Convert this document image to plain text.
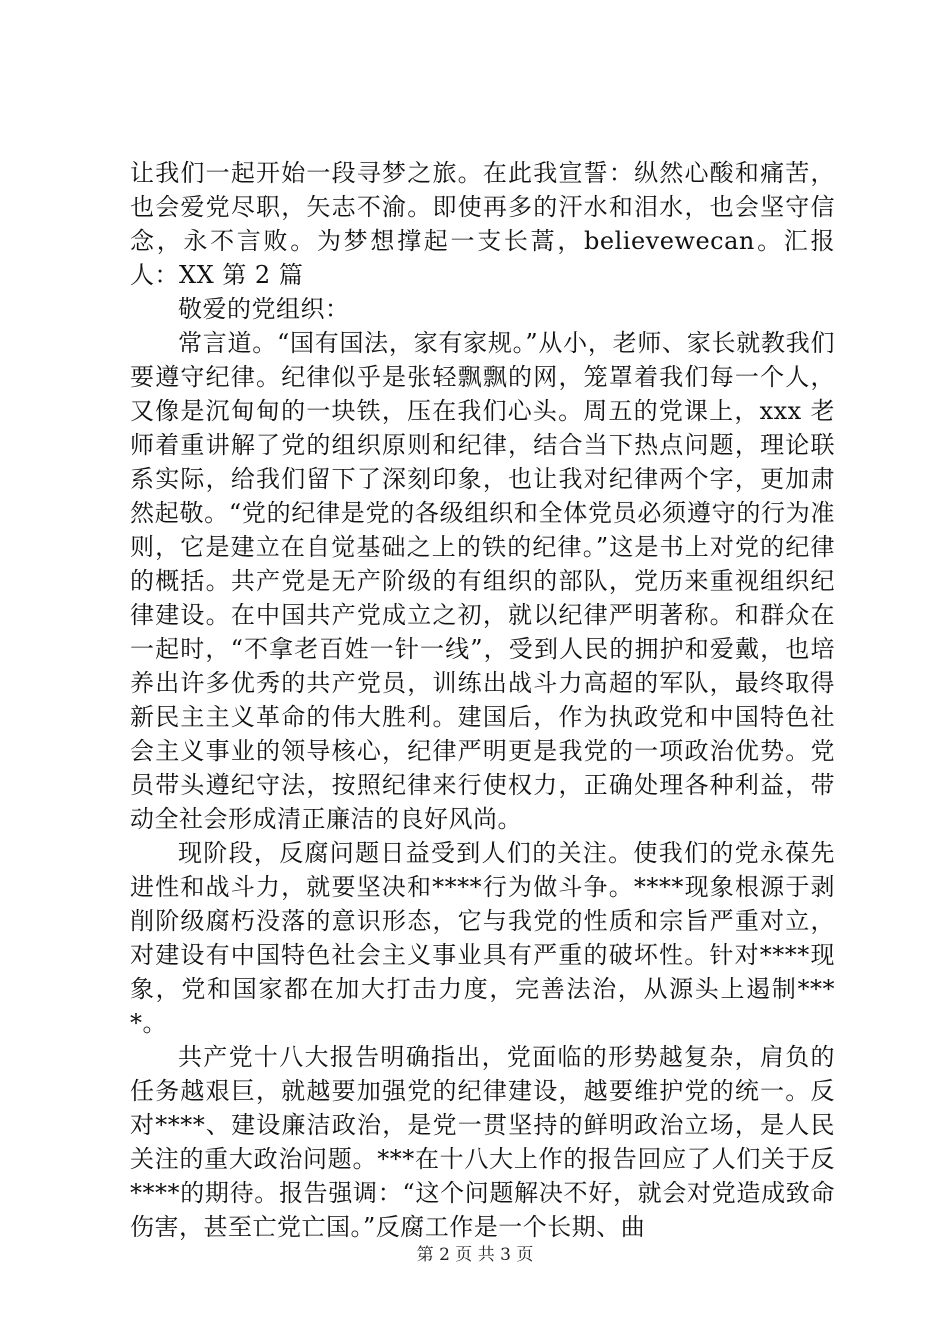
让我们一起开始一段寻梦之旅。在此我宣誓：纵然心酸和痛苦，也会爱党尽职，矢志不渝。即使再多的汗水和泪水，也会坚守信念，永不言败。为梦想撑起一支长蒿，believewecan。汇报人：XX 第 2 篇

敬爱的党组织：

常言道。“国有国法，家有家规。”从小，老师、家长就教我们要遵守纪律。纪律似乎是张轻飘飘的网，笼罩着我们每一个人，又像是沉甸甸的一块铁，压在我们心头。周五的党课上，xxx 老师着重讲解了党的组织原则和纪律，结合当下热点问题，理论联系实际，给我们留下了深刻印象，也让我对纪律两个字，更加肃然起敬。“党的纪律是党的各级组织和全体党员必须遵守的行为准则，它是建立在自觉基础之上的铁的纪律。”这是书上对党的纪律的概括。共产党是无产阶级的有组织的部队，党历来重视组织纪律建设。在中国共产党成立之初，就以纪律严明著称。和群众在一起时，“不拿老百姓一针一线”，受到人民的拥护和爱戴，也培养出许多优秀的共产党员，训练出战斗力高超的军队，最终取得新民主主义革命的伟大胜利。建国后，作为执政党和中国特色社会主义事业的领导核心，纪律严明更是我党的一项政治优势。党员带头遵纪守法，按照纪律来行使权力，正确处理各种利益，带动全社会形成清正廉洁的良好风尚。

现阶段，反腐问题日益受到人们的关注。使我们的党永葆先进性和战斗力，就要坚决和****行为做斗争。****现象根源于剥削阶级腐朽没落的意识形态，它与我党的性质和宗旨严重对立，对建设有中国特色社会主义事业具有严重的破坏性。针对****现象，党和国家都在加大打击力度，完善法治，从源头上遏制****。

共产党十八大报告明确指出，党面临的形势越复杂，肩负的任务越艰巨，就越要加强党的纪律建设，越要维护党的统一。反对****、建设廉洁政治，是党一贯坚持的鲜明政治立场，是人民关注的重大政治问题。***在十八大上作的报告回应了人们关于反****的期待。报告强调：“这个问题解决不好，就会对党造成致命伤害，甚至亡党亡国。”反腐工作是一个长期、曲

第 2 页 共 3 页
